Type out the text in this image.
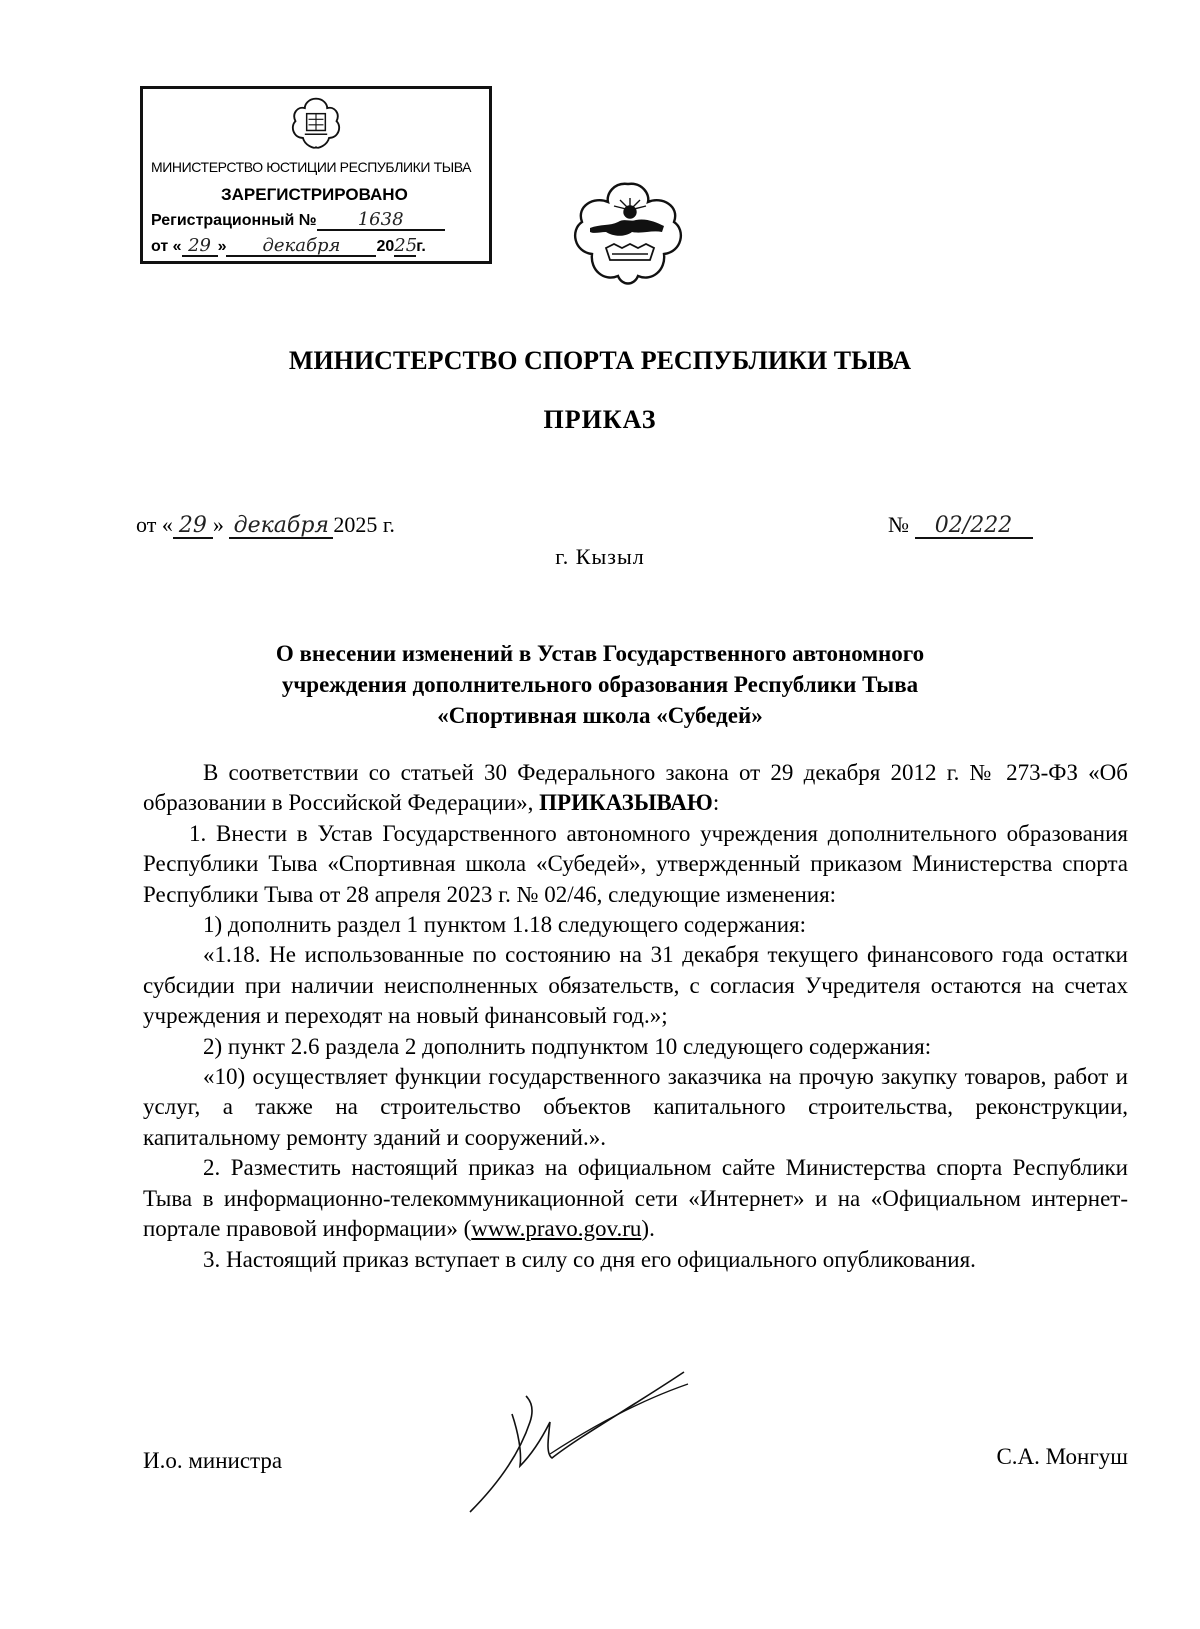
МИНИСТЕРСТВО ЮСТИЦИИ РЕСПУБЛИКИ ТЫВА
ЗАРЕГИСТРИРОВАНО
Регистрационный № 1638
от « 29 » декабря 2025г.
МИНИСТЕРСТВО СПОРТА РЕСПУБЛИКИ ТЫВА
ПРИКАЗ
от « 29 » декабря 2025 г.	№ 02/222
г. Кызыл
О внесении изменений в Устав Государственного автономного
учреждения дополнительного образования Республики Тыва
«Спортивная школа «Субедей»

В соответствии со статьей 30 Федерального закона от 29 декабря 2012 г. № 273-ФЗ «Об образовании в Российской Федерации», ПРИКАЗЫВАЮ:

1. Внести в Устав Государственного автономного учреждения дополнительного образования Республики Тыва «Спортивная школа «Субедей», утвержденный приказом Министерства спорта Республики Тыва от 28 апреля 2023 г. № 02/46, следующие изменения:

1) дополнить раздел 1 пунктом 1.18 следующего содержания:

«1.18. Не использованные по состоянию на 31 декабря текущего финансового года остатки субсидии при наличии неисполненных обязательств, с согласия Учредителя остаются на счетах учреждения и переходят на новый финансовый год.»;

2) пункт 2.6 раздела 2 дополнить подпунктом 10 следующего содержания:

«10) осуществляет функции государственного заказчика на прочую закупку товаров, работ и услуг, а также на строительство объектов капитального строительства, реконструкции, капитальному ремонту зданий и сооружений.».

2. Разместить настоящий приказ на официальном сайте Министерства спорта Республики Тыва в информационно-телекоммуникационной сети «Интернет» и на «Официальном интернет-портале правовой информации» (www.pravo.gov.ru).

3. Настоящий приказ вступает в силу со дня его официального опубликования.

И.о. министра	С.А. Монгуш
